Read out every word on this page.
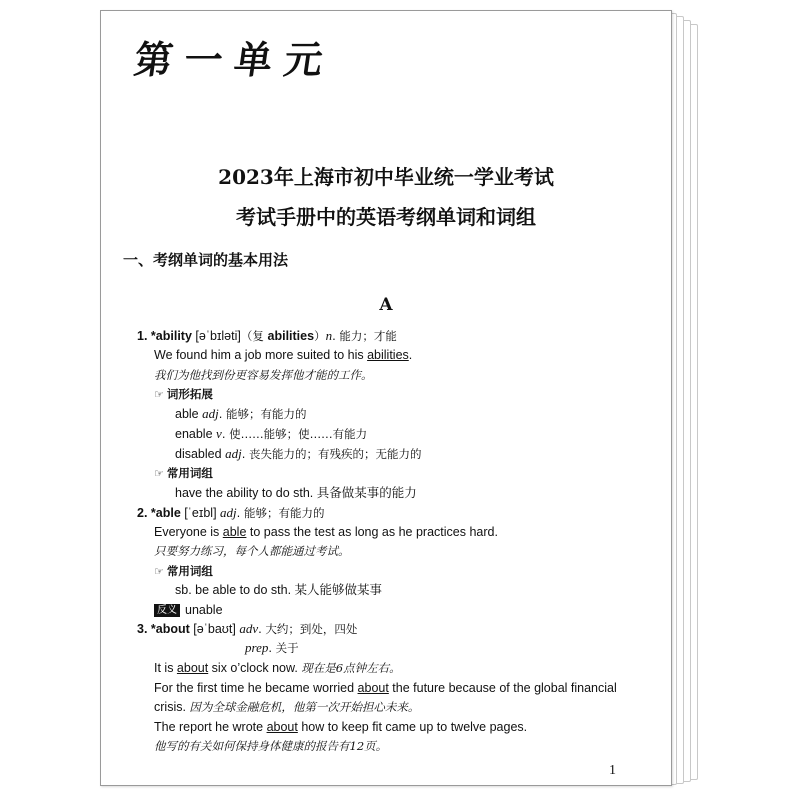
第一单元
2023年上海市初中毕业统一学业考试
考试手册中的英语考纲单词和词组
一、考纲单词的基本用法
A
1. *ability [əˈbɪləti]（复 abilities）n. 能力；才能
We found him a job more suited to his abilities.
我们为他找到份更容易发挥他才能的工作。
☞ 词形拓展
able adj. 能够；有能力的
enable v. 使……能够；使……有能力
disabled adj. 丧失能力的；有残疾的；无能力的
☞ 常用词组
have the ability to do sth. 具备做某事的能力
2. *able [ˈeɪbl] adj. 能够；有能力的
Everyone is able to pass the test as long as he practices hard.
只要努力练习，每个人都能通过考试。
☞ 常用词组
sb. be able to do sth. 某人能够做某事
反义 unable
3. *about [əˈbaʊt] adv. 大约；到处，四处
prep. 关于
It is about six o’clock now. 现在是6点钟左右。
For the first time he became worried about the future because of the global financial
crisis. 因为全球金融危机，他第一次开始担心未来。
The report he wrote about how to keep fit came up to twelve pages.
他写的有关如何保持身体健康的报告有12页。
1
